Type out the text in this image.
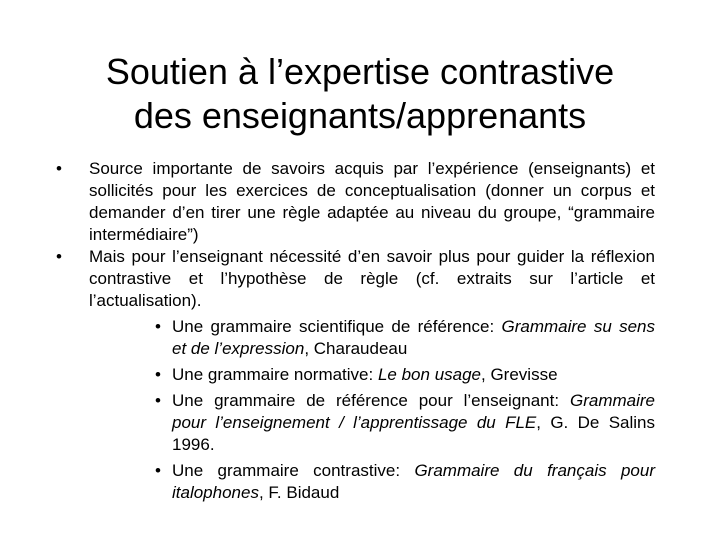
Soutien à l’expertise contrastive
des enseignants/apprenants
• Source importante de savoirs acquis par l’expérience (enseignants) et sollicités pour les exercices de conceptualisation (donner un corpus et demander d’en tirer une règle adaptée au niveau du groupe, “grammaire intermédiaire”)
• Mais pour l’enseignant nécessité d’en savoir plus pour guider la réflexion contrastive et l’hypothèse de règle (cf. extraits sur l’article et l’actualisation).
• Une grammaire scientifique de référence: Grammaire su sens et de l’expression, Charaudeau
• Une grammaire normative: Le bon usage, Grevisse
• Une grammaire de référence pour l’enseignant: Grammaire pour l’enseignement / l’apprentissage du FLE, G. De Salins 1996.
• Une grammaire contrastive: Grammaire du français pour italophones, F. Bidaud
